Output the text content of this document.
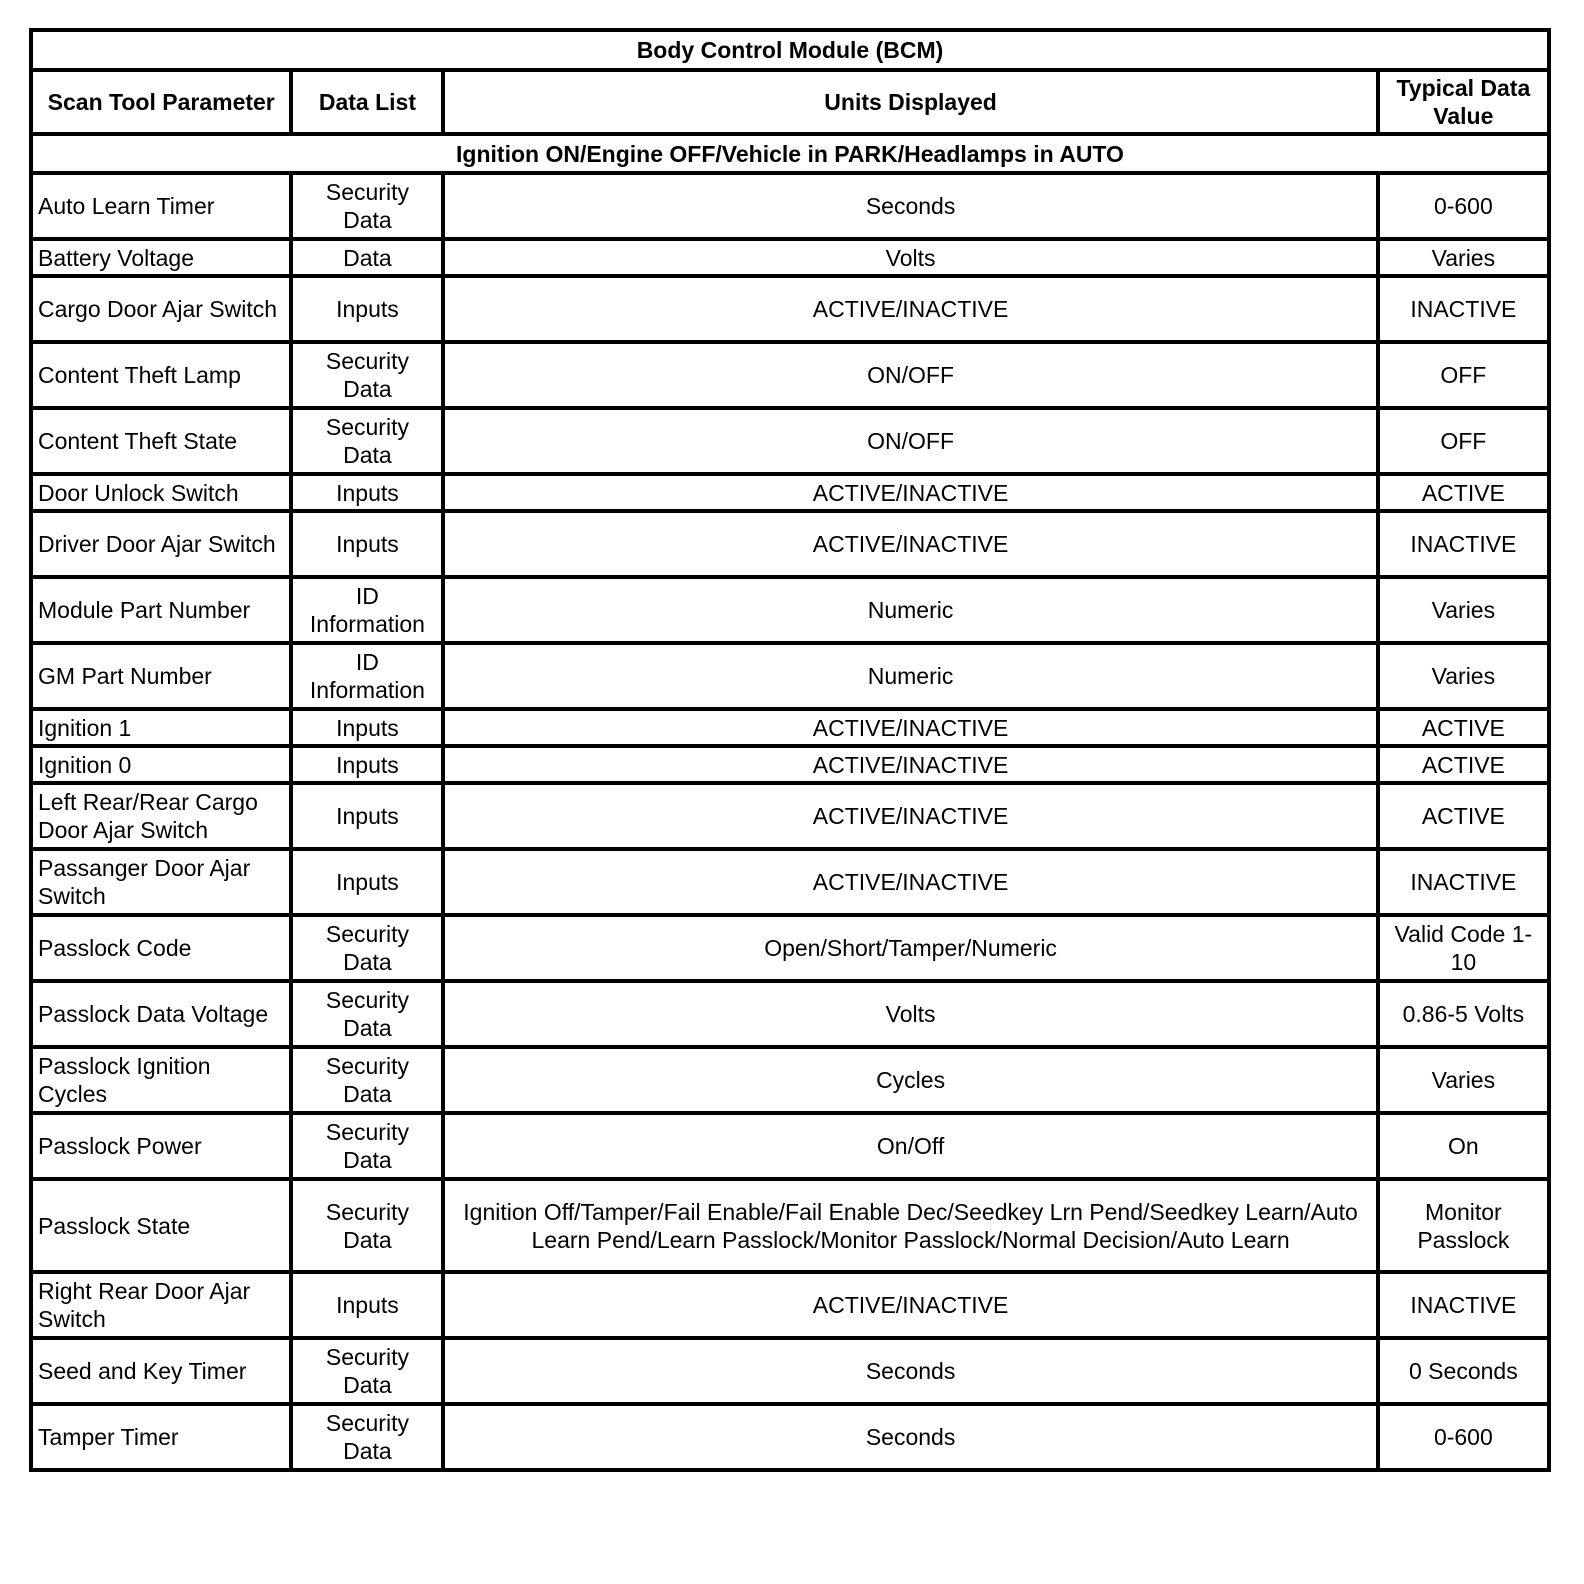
Body Control Module (BCM)			
Scan Tool Parameter	Data List	Units Displayed	Typical Data Value
Ignition ON/Engine OFF/Vehicle in PARK/Headlamps in AUTO			
Auto Learn Timer	Security Data	Seconds	0-600
Battery Voltage	Data	Volts	Varies
Cargo Door Ajar Switch	Inputs	ACTIVE/INACTIVE	INACTIVE
Content Theft Lamp	Security Data	ON/OFF	OFF
Content Theft State	Security Data	ON/OFF	OFF
Door Unlock Switch	Inputs	ACTIVE/INACTIVE	ACTIVE
Driver Door Ajar Switch	Inputs	ACTIVE/INACTIVE	INACTIVE
Module Part Number	ID Information	Numeric	Varies
GM Part Number	ID Information	Numeric	Varies
Ignition 1	Inputs	ACTIVE/INACTIVE	ACTIVE
Ignition 0	Inputs	ACTIVE/INACTIVE	ACTIVE
Left Rear/Rear Cargo Door Ajar Switch	Inputs	ACTIVE/INACTIVE	ACTIVE
Passanger Door Ajar Switch	Inputs	ACTIVE/INACTIVE	INACTIVE
Passlock Code	Security Data	Open/Short/Tamper/Numeric	Valid Code 1-10
Passlock Data Voltage	Security Data	Volts	0.86-5 Volts
Passlock Ignition Cycles	Security Data	Cycles	Varies
Passlock Power	Security Data	On/Off	On
Passlock State	Security Data	Ignition Off/Tamper/Fail Enable/Fail Enable Dec/Seedkey Lrn Pend/Seedkey Learn/Auto Learn Pend/Learn Passlock/Monitor Passlock/Normal Decision/Auto Learn	Monitor Passlock
Right Rear Door Ajar Switch	Inputs	ACTIVE/INACTIVE	INACTIVE
Seed and Key Timer	Security Data	Seconds	0 Seconds
Tamper Timer	Security Data	Seconds	0-600
